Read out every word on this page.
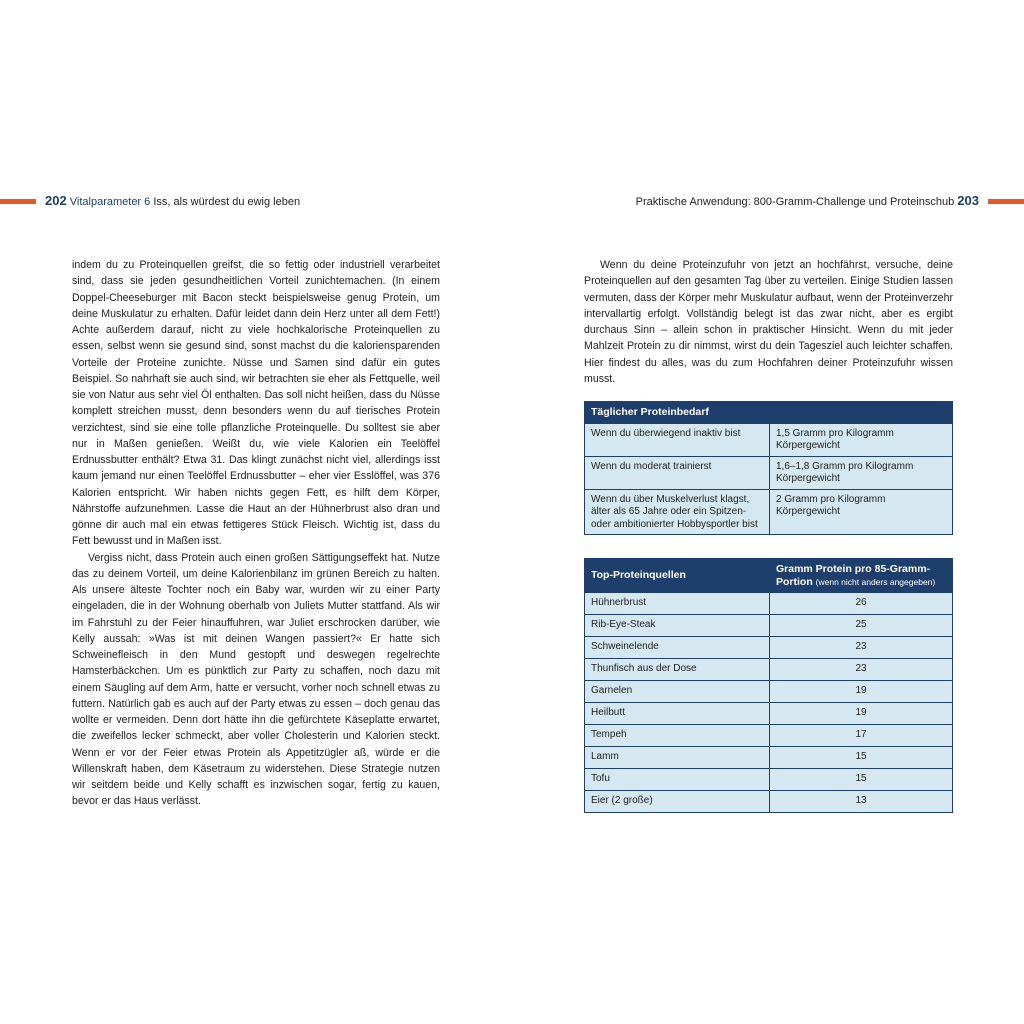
202 Vitalparameter 6 Iss, als würdest du ewig leben	Praktische Anwendung: 800-Gramm-Challenge und Proteinschub 203

indem du zu Proteinquellen greifst, die so fettig oder industriell verarbeitet sind, dass sie jeden gesundheitlichen Vorteil zunichtemachen. (In einem Doppel-Cheeseburger mit Bacon steckt beispielsweise genug Protein, um deine Muskulatur zu erhalten. Dafür leidet dann dein Herz unter all dem Fett!) Achte außerdem darauf, nicht zu viele hochkalorische Proteinquellen zu essen, selbst wenn sie gesund sind, sonst machst du die kaloriensparenden Vorteile der Proteine zunichte. Nüsse und Samen sind dafür ein gutes Beispiel. So nahrhaft sie auch sind, wir betrachten sie eher als Fettquelle, weil sie von Natur aus sehr viel Öl enthalten. Das soll nicht heißen, dass du Nüsse komplett streichen musst, denn besonders wenn du auf tierisches Protein verzichtest, sind sie eine tolle pflanzliche Proteinquelle. Du solltest sie aber nur in Maßen genießen. Weißt du, wie viele Kalorien ein Teelöffel Erdnussbutter enthält? Etwa 31. Das klingt zunächst nicht viel, allerdings isst kaum jemand nur einen Teelöffel Erdnussbutter – eher vier Esslöffel, was 376 Kalorien entspricht. Wir haben nichts gegen Fett, es hilft dem Körper, Nährstoffe aufzunehmen. Lasse die Haut an der Hühnerbrust also dran und gönne dir auch mal ein etwas fettigeres Stück Fleisch. Wichtig ist, dass du Fett bewusst und in Maßen isst.

Vergiss nicht, dass Protein auch einen großen Sättigungseffekt hat. Nutze das zu deinem Vorteil, um deine Kalorienbilanz im grünen Bereich zu halten. Als unsere älteste Tochter noch ein Baby war, wurden wir zu einer Party eingeladen, die in der Wohnung oberhalb von Juliets Mutter stattfand. Als wir im Fahrstuhl zu der Feier hinauffuhren, war Juliet erschrocken darüber, wie Kelly aussah: »Was ist mit deinen Wangen passiert?« Er hatte sich Schweinefleisch in den Mund gestopft und deswegen regelrechte Hamsterbäckchen. Um es pünktlich zur Party zu schaffen, noch dazu mit einem Säugling auf dem Arm, hatte er versucht, vorher noch schnell etwas zu futtern. Natürlich gab es auch auf der Party etwas zu essen – doch genau das wollte er vermeiden. Denn dort hätte ihn die gefürchtete Käseplatte erwartet, die zweifellos lecker schmeckt, aber voller Cholesterin und Kalorien steckt. Wenn er vor der Feier etwas Protein als Appetitzügler aß, würde er die Willenskraft haben, dem Käsetraum zu widerstehen. Diese Strategie nutzen wir seitdem beide und Kelly schafft es inzwischen sogar, fertig zu kauen, bevor er das Haus verlässt.

Wenn du deine Proteinzufuhr von jetzt an hochfährst, versuche, deine Proteinquellen auf den gesamten Tag über zu verteilen. Einige Studien lassen vermuten, dass der Körper mehr Muskulatur aufbaut, wenn der Proteinverzehr intervallartig erfolgt. Vollständig belegt ist das zwar nicht, aber es ergibt durchaus Sinn – allein schon in praktischer Hinsicht. Wenn du mit jeder Mahlzeit Protein zu dir nimmst, wirst du dein Tagesziel auch leichter schaffen. Hier findest du alles, was du zum Hochfahren deiner Proteinzufuhr wissen musst.

Täglicher Proteinbedarf	
Wenn du überwiegend inaktiv bist	1,5 Gramm pro Kilogramm Körpergewicht
Wenn du moderat trainierst	1,6–1,8 Gramm pro Kilogramm Körpergewicht
Wenn du über Muskelverlust klagst, älter als 65 Jahre oder ein Spitzen- oder ambitionierter Hobbysportler bist	2 Gramm pro Kilogramm Körpergewicht
Top-Proteinquellen	Gramm Protein pro 85-Gramm-Portion (wenn nicht anders angegeben)
Hühnerbrust	26
Rib-Eye-Steak	25
Schweinelende	23
Thunfisch aus der Dose	23
Garnelen	19
Heilbutt	19
Tempeh	17
Lamm	15
Tofu	15
Eier (2 große)	13
